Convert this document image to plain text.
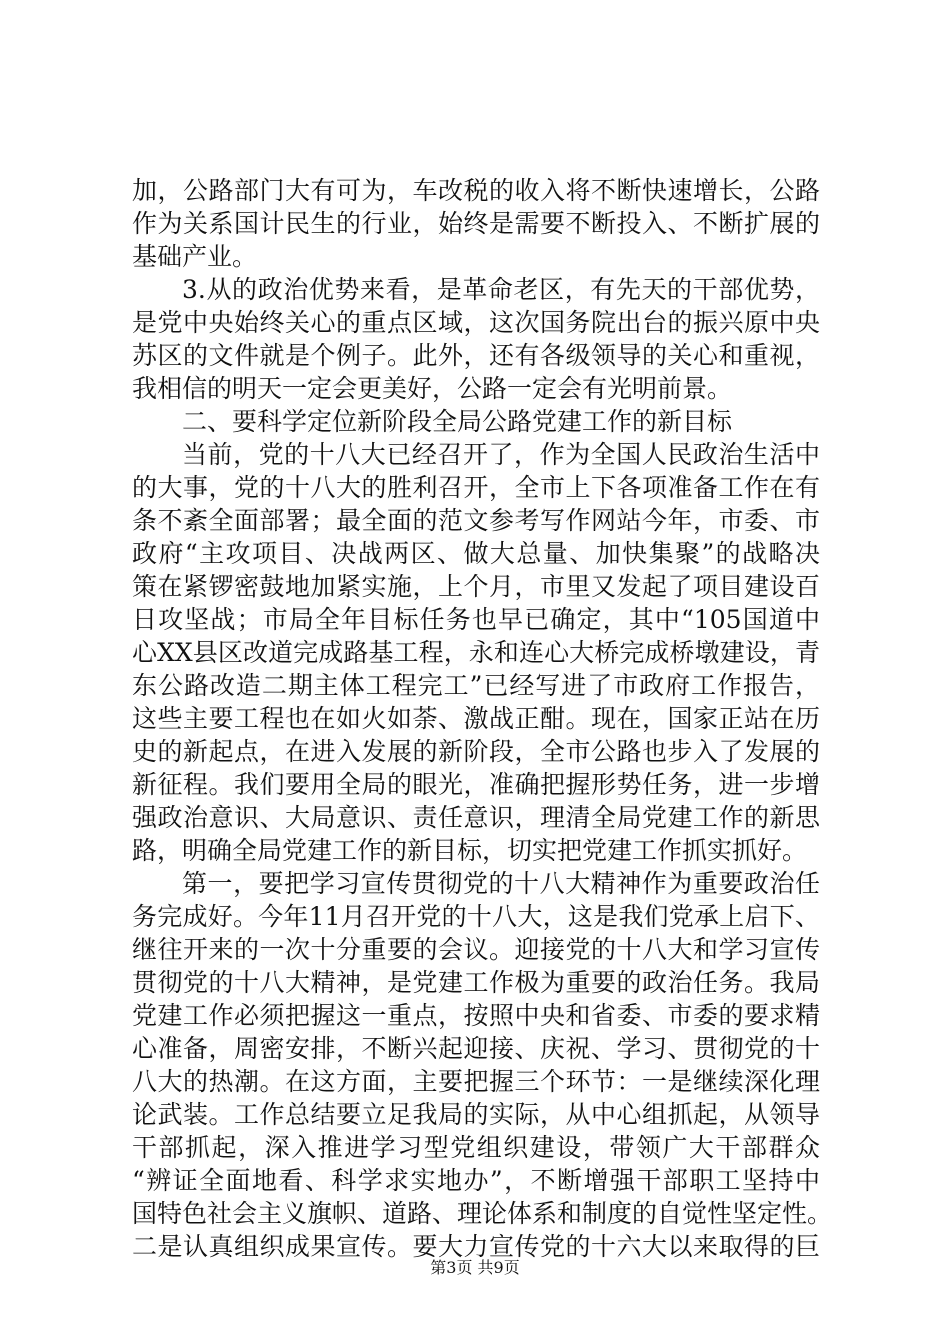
加，公路部门大有可为，车改税的收入将不断快速增长，公路
作为关系国计民生的行业，始终是需要不断投入、不断扩展的
基础产业。
3.从的政治优势来看，是革命老区，有先天的干部优势，
是党中央始终关心的重点区域，这次国务院出台的振兴原中央
苏区的文件就是个例子。此外，还有各级领导的关心和重视，
我相信的明天一定会更美好，公路一定会有光明前景。
二、要科学定位新阶段全局公路党建工作的新目标
当前，党的十八大已经召开了，作为全国人民政治生活中
的大事，党的十八大的胜利召开，全市上下各项准备工作在有
条不紊全面部署；最全面的范文参考写作网站今年，市委、市
政府“主攻项目、决战两区、做大总量、加快集聚”的战略决
策在紧锣密鼓地加紧实施，上个月，市里又发起了项目建设百
日攻坚战；市局全年目标任务也早已确定，其中“105国道中
心XX县区改道完成路基工程，永和连心大桥完成桥墩建设，青
东公路改造二期主体工程完工”已经写进了市政府工作报告，
这些主要工程也在如火如荼、激战正酣。现在，国家正站在历
史的新起点，在进入发展的新阶段，全市公路也步入了发展的
新征程。我们要用全局的眼光，准确把握形势任务，进一步增
强政治意识、大局意识、责任意识，理清全局党建工作的新思
路，明确全局党建工作的新目标，切实把党建工作抓实抓好。
第一，要把学习宣传贯彻党的十八大精神作为重要政治任
务完成好。今年11月召开党的十八大，这是我们党承上启下、
继往开来的一次十分重要的会议。迎接党的十八大和学习宣传
贯彻党的十八大精神，是党建工作极为重要的政治任务。我局
党建工作必须把握这一重点，按照中央和省委、市委的要求精
心准备，周密安排，不断兴起迎接、庆祝、学习、贯彻党的十
八大的热潮。在这方面，主要把握三个环节：一是继续深化理
论武装。工作总结要立足我局的实际，从中心组抓起，从领导
干部抓起，深入推进学习型党组织建设，带领广大干部群众
“辨证全面地看、科学求实地办”，不断增强干部职工坚持中
国特色社会主义旗帜、道路、理论体系和制度的自觉性坚定性。
二是认真组织成果宣传。要大力宣传党的十六大以来取得的巨
第3页 共9页
